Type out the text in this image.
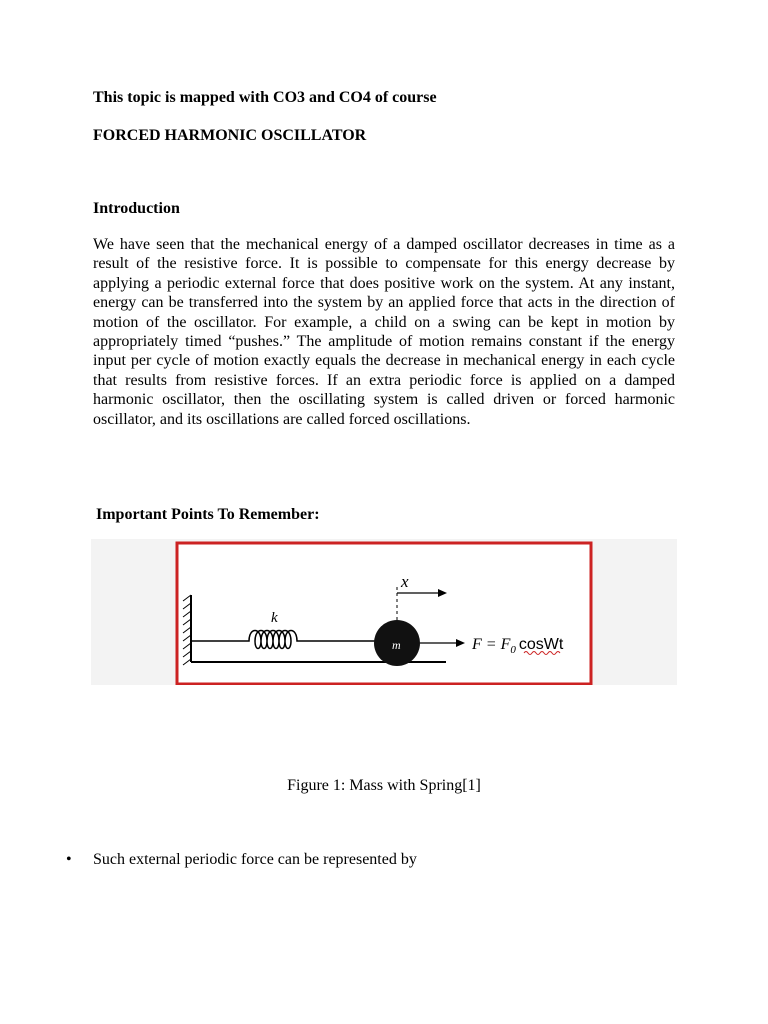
This topic is mapped with CO3 and CO4 of course
FORCED HARMONIC OSCILLATOR
Introduction
We have seen that the mechanical energy of a damped oscillator decreases in time as a result of the resistive force. It is possible to compensate for this energy decrease by applying a periodic external force that does positive work on the system. At any instant, energy can be transferred into the system by an applied force that acts in the direction of motion of the oscillator. For example, a child on a swing can be kept in motion by appropriately timed “pushes.” The amplitude of motion remains constant if the energy input per cycle of motion exactly equals the decrease in mechanical energy in each cycle that results from resistive forces. If an extra periodic force is applied on a damped harmonic oscillator, then the oscillating system is called driven or forced harmonic oscillator, and its oscillations are called forced oscillations.
Important Points To Remember:
k
m
x
$F = F_0$ cosWt
Figure 1: Mass with Spring[1]
• Such external periodic force can be represented by
